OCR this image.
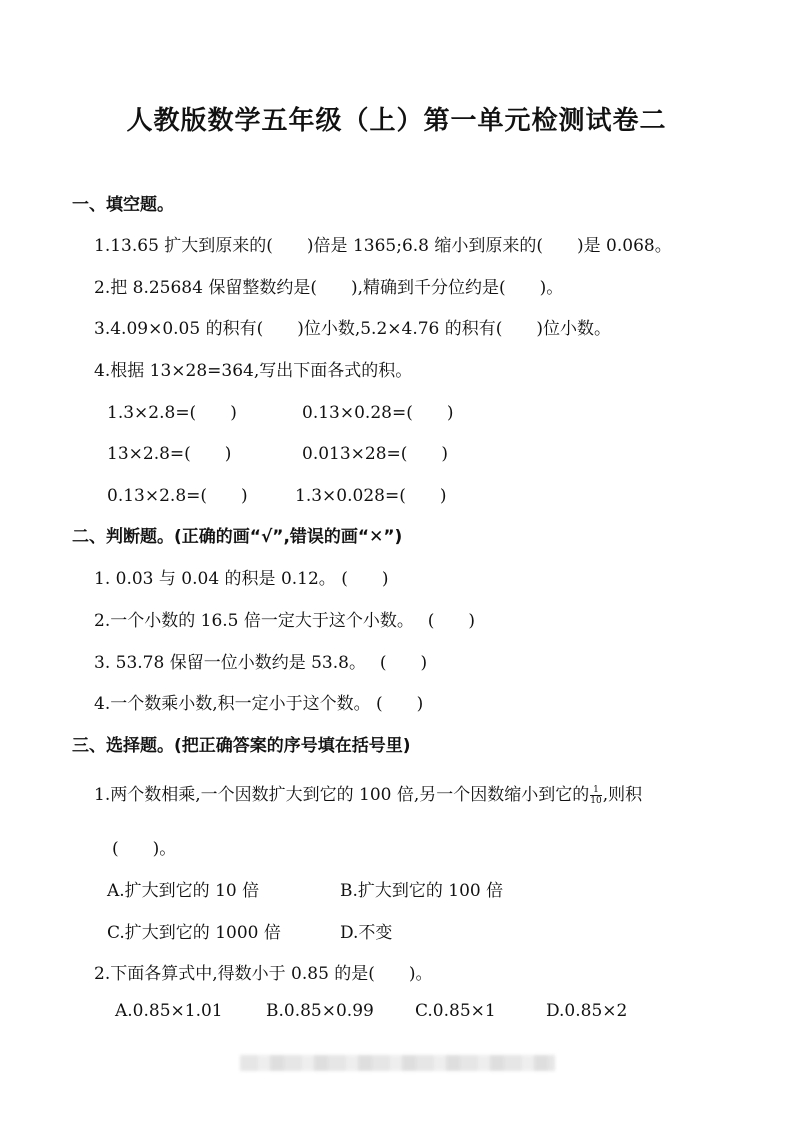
人教版数学五年级（上）第一单元检测试卷二
一、填空题。
1.13.65 扩大到原来的(　　)倍是 1365;6.8 缩小到原来的(　　)是 0.068。
2.把 8.25684 保留整数约是(　　),精确到千分位约是(　　)。
3.4.09×0.05 的积有(　　)位小数,5.2×4.76 的积有(　　)位小数。
4.根据 13×28=364,写出下面各式的积。
1.3×2.8=(　　)	0.13×0.28=(　　)
13×2.8=(　　)	0.013×28=(　　)
0.13×2.8=(　　)	1.3×0.028=(　　)
二、判断题。(正确的画“√”,错误的画“✕”)
1. 0.03 与 0.04 的积是 0.12。 (　　)
2.一个小数的 16.5 倍一定大于这个小数。　 (　　)
3. 53.78 保留一位小数约是 53.8。　 (　　)
4.一个数乘小数,积一定小于这个数。 (　　)
三、选择题。(把正确答案的序号填在括号里)
1.两个数相乘,一个因数扩大到它的 100 倍,另一个因数缩小到它的 $\frac{1}{10}$ ,则积
(　　)。
A.扩大到它的 10 倍	B.扩大到它的 100 倍
C.扩大到它的 1000 倍	D.不变
2.下面各算式中,得数小于 0.85 的是(　　)。
A.0.85×1.01	B.0.85×0.99 C.0.85×1	D.0.85×2
